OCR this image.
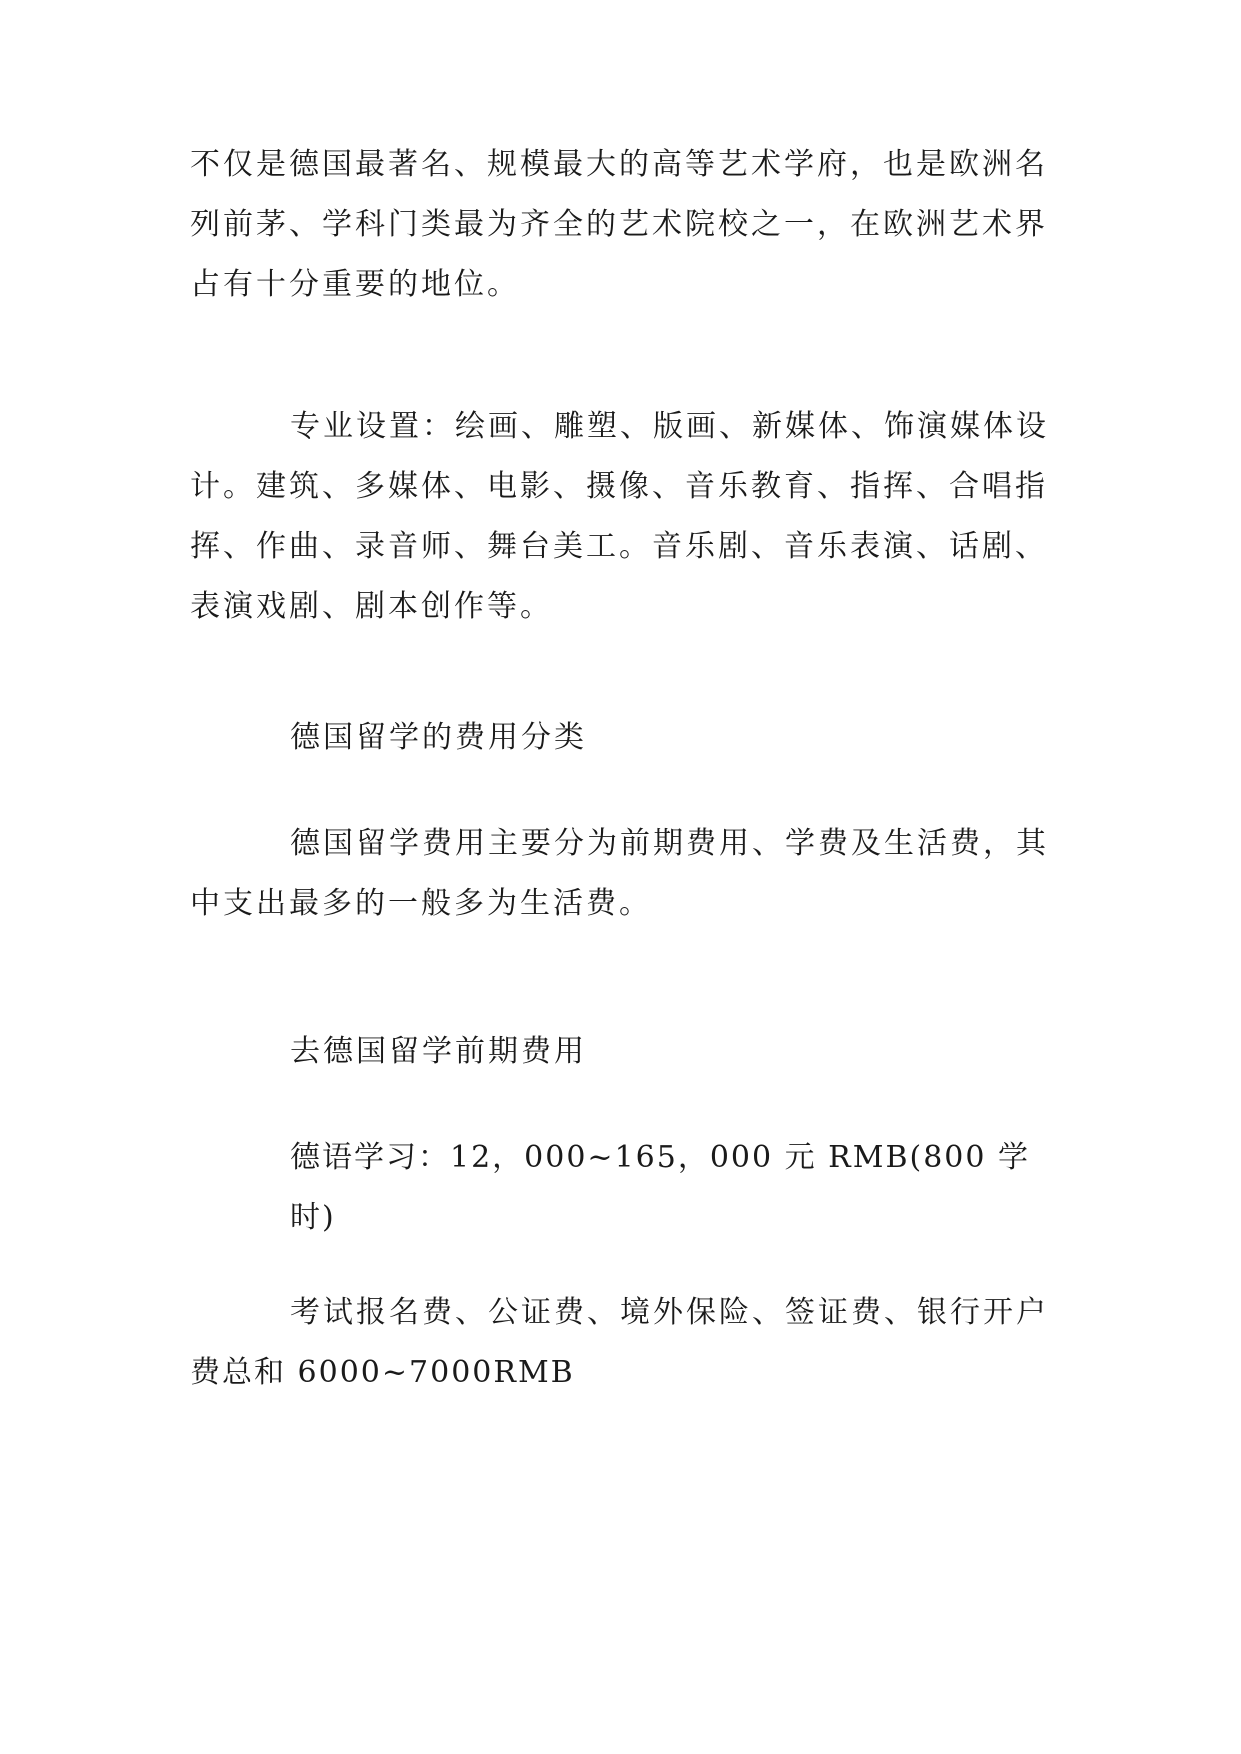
不仅是德国最著名、规模最大的高等艺术学府，也是欧洲名
列前茅、学科门类最为齐全的艺术院校之一，在欧洲艺术界
占有十分重要的地位。

专业设置：绘画、雕塑、版画、新媒体、饰演媒体设
计。建筑、多媒体、电影、摄像、音乐教育、指挥、合唱指
挥、作曲、录音师、舞台美工。音乐剧、音乐表演、话剧、
表演戏剧、剧本创作等。

德国留学的费用分类

德国留学费用主要分为前期费用、学费及生活费，其
中支出最多的一般多为生活费。

去德国留学前期费用

德语学习：12，000~165，000 元 RMB(800 学时)

考试报名费、公证费、境外保险、签证费、银行开户
费总和 6000~7000RMB
